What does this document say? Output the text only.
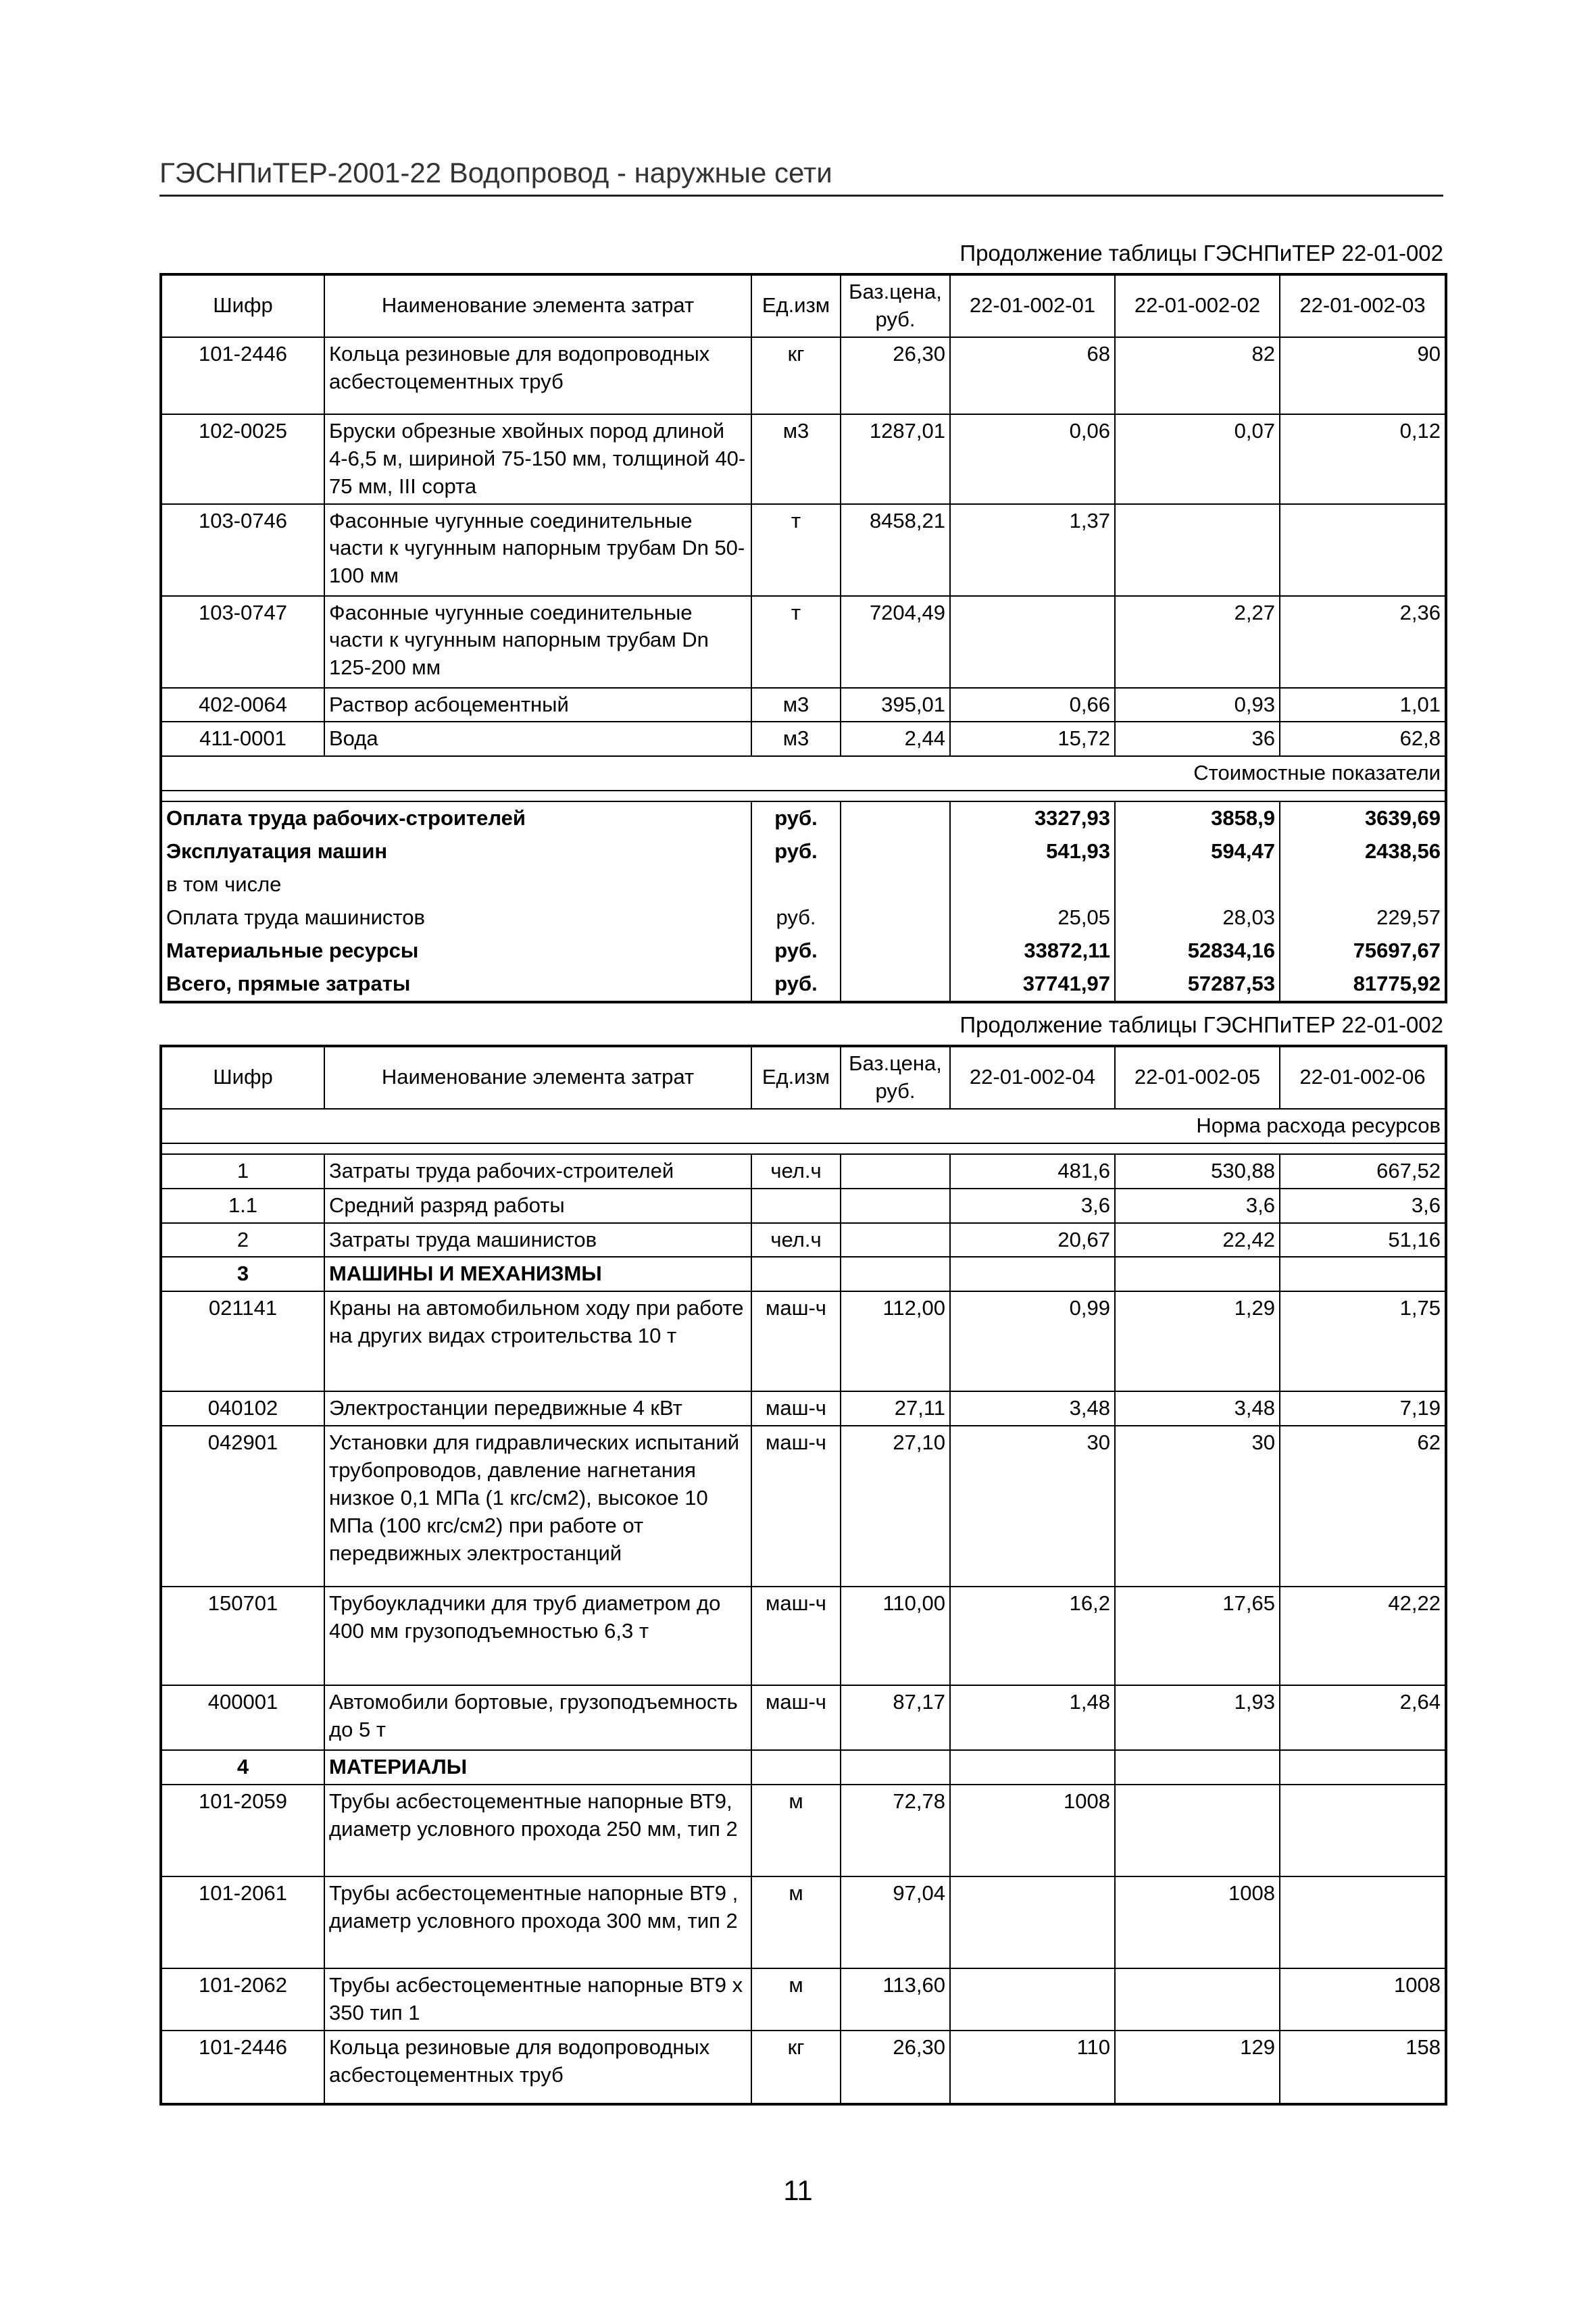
ГЭСНПиТЕР-2001-22 Водопровод - наружные сети
Продолжение таблицы ГЭСНПиТЕР 22-01-002
Шифр	Наименование элемента затрат	Ед.изм	Баз.цена, руб.	22-01-002-01	22-01-002-02	22-01-002-03
101-2446	Кольца резиновые для водопроводных асбестоцементных труб	кг	26,30	68	82	90
102-0025	Бруски обрезные хвойных пород длиной 4-6,5 м, шириной 75-150 мм, толщиной 40-75 мм, III сорта	м3	1287,01	0,06	0,07	0,12
103-0746	Фасонные чугунные соединительные части к чугунным напорным трубам Dn 50-100 мм	т	8458,21	1,37		
103-0747	Фасонные чугунные соединительные части к чугунным напорным трубам Dn 125-200 мм	т	7204,49		2,27	2,36
402-0064	Раствор асбоцементный	м3	395,01	0,66	0,93	1,01
411-0001	Вода	м3	2,44	15,72	36	62,8
Стоимостные показатели						

Оплата труда рабочих-строителей		руб.		3327,93	3858,9	3639,69
Эксплуатация машин		руб.		541,93	594,47	2438,56
в том числе						
Оплата труда машинистов		руб.		25,05	28,03	229,57
Материальные ресурсы		руб.		33872,11	52834,16	75697,67
Всего, прямые затраты		руб.		37741,97	57287,53	81775,92
Продолжение таблицы ГЭСНПиТЕР 22-01-002
Шифр	Наименование элемента затрат	Ед.изм	Баз.цена, руб.	22-01-002-04	22-01-002-05	22-01-002-06
Норма расхода ресурсов						

1	Затраты труда рабочих-строителей	чел.ч		481,6	530,88	667,52
1.1	Средний разряд работы			3,6	3,6	3,6
2	Затраты труда машинистов	чел.ч		20,67	22,42	51,16
3	МАШИНЫ И МЕХАНИЗМЫ					
021141	Краны на автомобильном ходу при работе на других видах строительства 10 т	маш-ч	112,00	0,99	1,29	1,75
040102	Электростанции передвижные 4 кВт	маш-ч	27,11	3,48	3,48	7,19
042901	Установки для гидравлических испытаний трубопроводов, давление нагнетания низкое 0,1 МПа (1 кгс/см2), высокое 10 МПа (100 кгс/см2) при работе от передвижных электростанций	маш-ч	27,10	30	30	62
150701	Трубоукладчики для труб диаметром до 400 мм грузоподъемностью 6,3 т	маш-ч	110,00	16,2	17,65	42,22
400001	Автомобили бортовые, грузоподъемность до 5 т	маш-ч	87,17	1,48	1,93	2,64
4	МАТЕРИАЛЫ					
101-2059	Трубы асбестоцементные напорные ВТ9, диаметр условного прохода 250 мм, тип 2	м	72,78	1008		
101-2061	Трубы асбестоцементные напорные ВТ9 , диаметр условного прохода 300 мм, тип 2	м	97,04		1008	
101-2062	Трубы асбестоцементные напорные ВТ9 х 350 тип 1	м	113,60			1008
101-2446	Кольца резиновые для водопроводных асбестоцементных труб	кг	26,30	110	129	158
11
